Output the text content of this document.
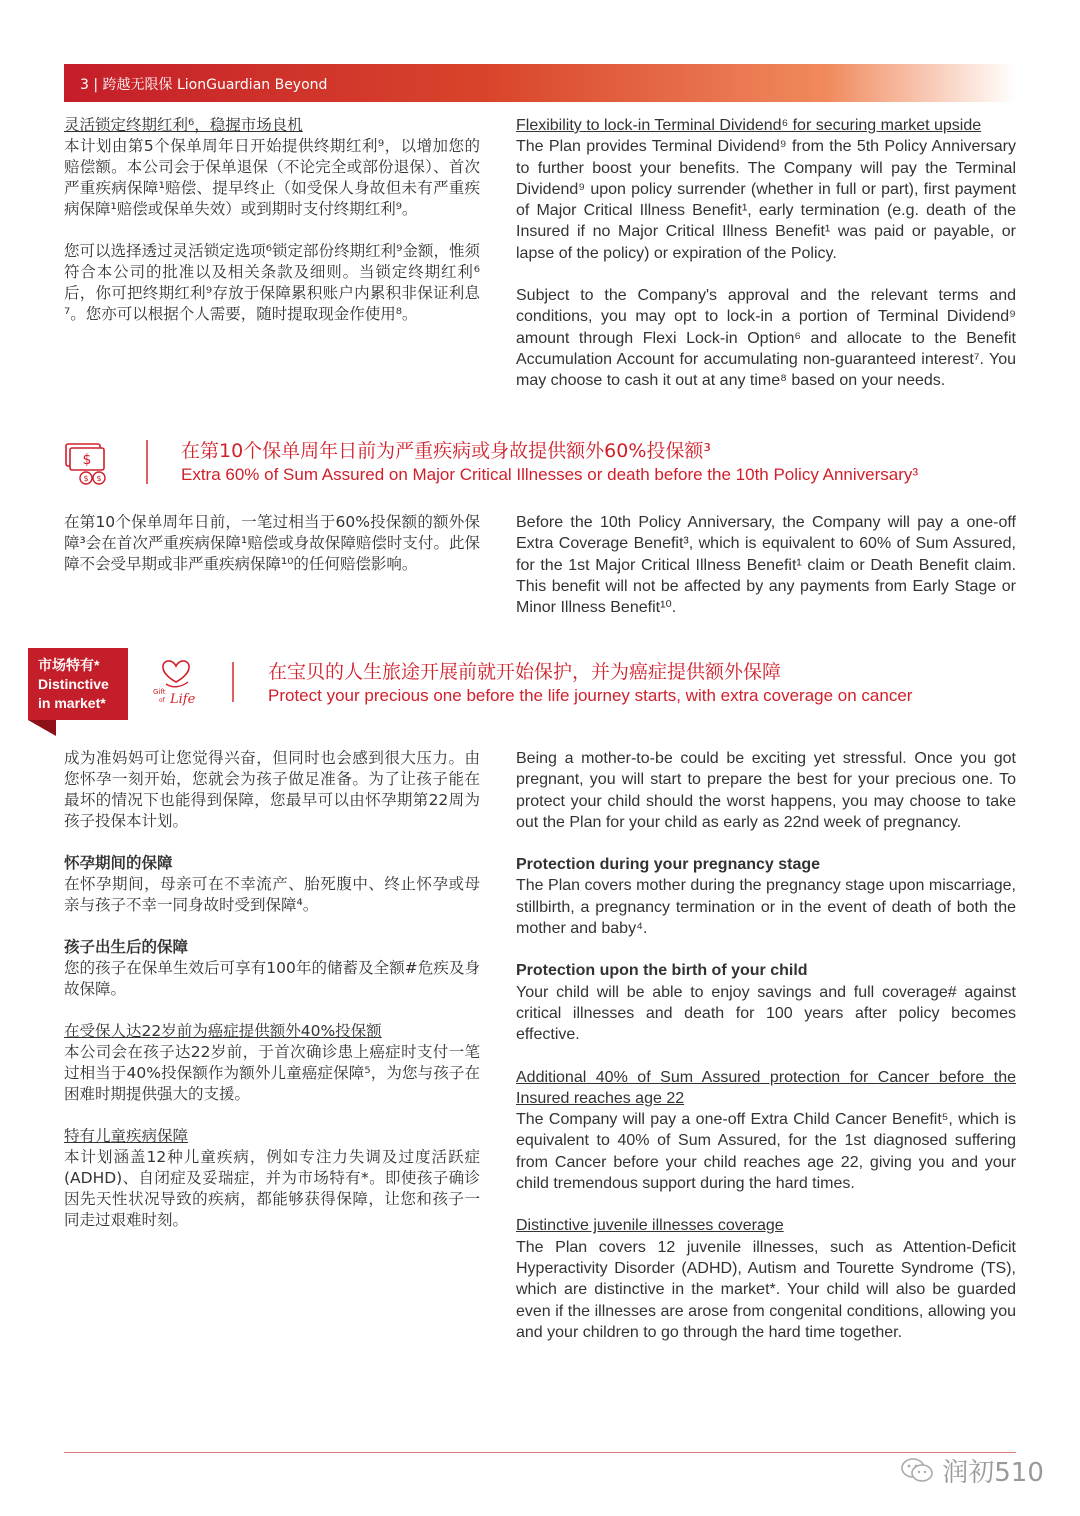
3 | 跨越无限保 LionGuardian Beyond

灵活锁定终期红利⁶，稳握市场良机

本计划由第5个保单周年日开始提供终期红利⁹，以增加您的赔偿额。本公司会于保单退保（不论完全或部份退保）、首次严重疾病保障¹赔偿、提早终止（如受保人身故但未有严重疾病保障¹赔偿或保单失效）或到期时支付终期红利⁹。

您可以选择透过灵活锁定选项⁶锁定部份终期红利⁹金额，惟须符合本公司的批准以及相关条款及细则。当锁定终期红利⁶后，你可把终期红利⁹存放于保障累积账户内累积非保证利息⁷。您亦可以根据个人需要，随时提取现金作使用⁸。

Flexibility to lock-in Terminal Dividend⁶ for securing market upside

The Plan provides Terminal Dividend⁹ from the 5th Policy Anniversary to further boost your benefits. The Company will pay the Terminal Dividend⁹ upon policy surrender (whether in full or part), first payment of Major Critical Illness Benefit¹, early termination (e.g. death of the Insured if no Major Critical Illness Benefit¹ was paid or payable, or lapse of the policy) or expiration of the Policy.

Subject to the Company's approval and the relevant terms and conditions, you may opt to lock-in a portion of Terminal Dividend⁹ amount through Flexi Lock-in Option⁶ and allocate to the Benefit Accumulation Account for accumulating non-guaranteed interest⁷. You may choose to cash it out at any time⁸ based on your needs.

$
$ $
在第10个保单周年日前为严重疾病或身故提供额外60%投保额³
Extra 60% of Sum Assured on Major Critical Illnesses or death before the 10th Policy Anniversary³

在第10个保单周年日前，一笔过相当于60%投保额的额外保障³会在首次严重疾病保障¹赔偿或身故保障赔偿时支付。此保障不会受早期或非严重疾病保障¹⁰的任何赔偿影响。

Before the 10th Policy Anniversary, the Company will pay a one-off Extra Coverage Benefit³, which is equivalent to 60% of Sum Assured, for the 1st Major Critical Illness Benefit¹ claim or Death Benefit claim. This benefit will not be affected by any payments from Early Stage or Minor Illness Benefit¹⁰.

市场特有*
Distinctive
in market*
Gift
of Life
在宝贝的人生旅途开展前就开始保护，并为癌症提供额外保障
Protect your precious one before the life journey starts, with extra coverage on cancer

成为准妈妈可让您觉得兴奋，但同时也会感到很大压力。由您怀孕一刻开始，您就会为孩子做足准备。为了让孩子能在最坏的情况下也能得到保障，您最早可以由怀孕期第22周为孩子投保本计划。

怀孕期间的保障

在怀孕期间，母亲可在不幸流产、胎死腹中、终止怀孕或母亲与孩子不幸一同身故时受到保障⁴。

孩子出生后的保障

您的孩子在保单生效后可享有100年的储蓄及全额#危疾及身故保障。

在受保人达22岁前为癌症提供额外40%投保额

本公司会在孩子达22岁前，于首次确诊患上癌症时支付一笔过相当于40%投保额作为额外儿童癌症保障⁵，为您与孩子在困难时期提供强大的支援。

特有儿童疾病保障

本计划涵盖12种儿童疾病，例如专注力失调及过度活跃症 (ADHD)、自闭症及妥瑞症，并为市场特有*。即使孩子确诊因先天性状况导致的疾病，都能够获得保障，让您和孩子一同走过艰难时刻。

Being a mother-to-be could be exciting yet stressful. Once you got pregnant, you will start to prepare the best for your precious one. To protect your child should the worst happens, you may choose to take out the Plan for your child as early as 22nd week of pregnancy.

Protection during your pregnancy stage

The Plan covers mother during the pregnancy stage upon miscarriage, stillbirth, a pregnancy termination or in the event of death of both the mother and baby⁴.

Protection upon the birth of your child

Your child will be able to enjoy savings and full coverage# against critical illnesses and death for 100 years after policy becomes effective.

Additional 40% of Sum Assured protection for Cancer before the Insured reaches age 22

The Company will pay a one-off Extra Child Cancer Benefit⁵, which is equivalent to 40% of Sum Assured, for the 1st diagnosed suffering from Cancer before your child reaches age 22, giving you and your child tremendous support during the hard times.

Distinctive juvenile illnesses coverage

The Plan covers 12 juvenile illnesses, such as Attention-Deficit Hyperactivity Disorder (ADHD), Autism and Tourette Syndrome (TS), which are distinctive in the market*. Your child will also be guarded even if the illnesses are arose from congenital conditions, allowing you and your children to go through the hard time together.

润初510
